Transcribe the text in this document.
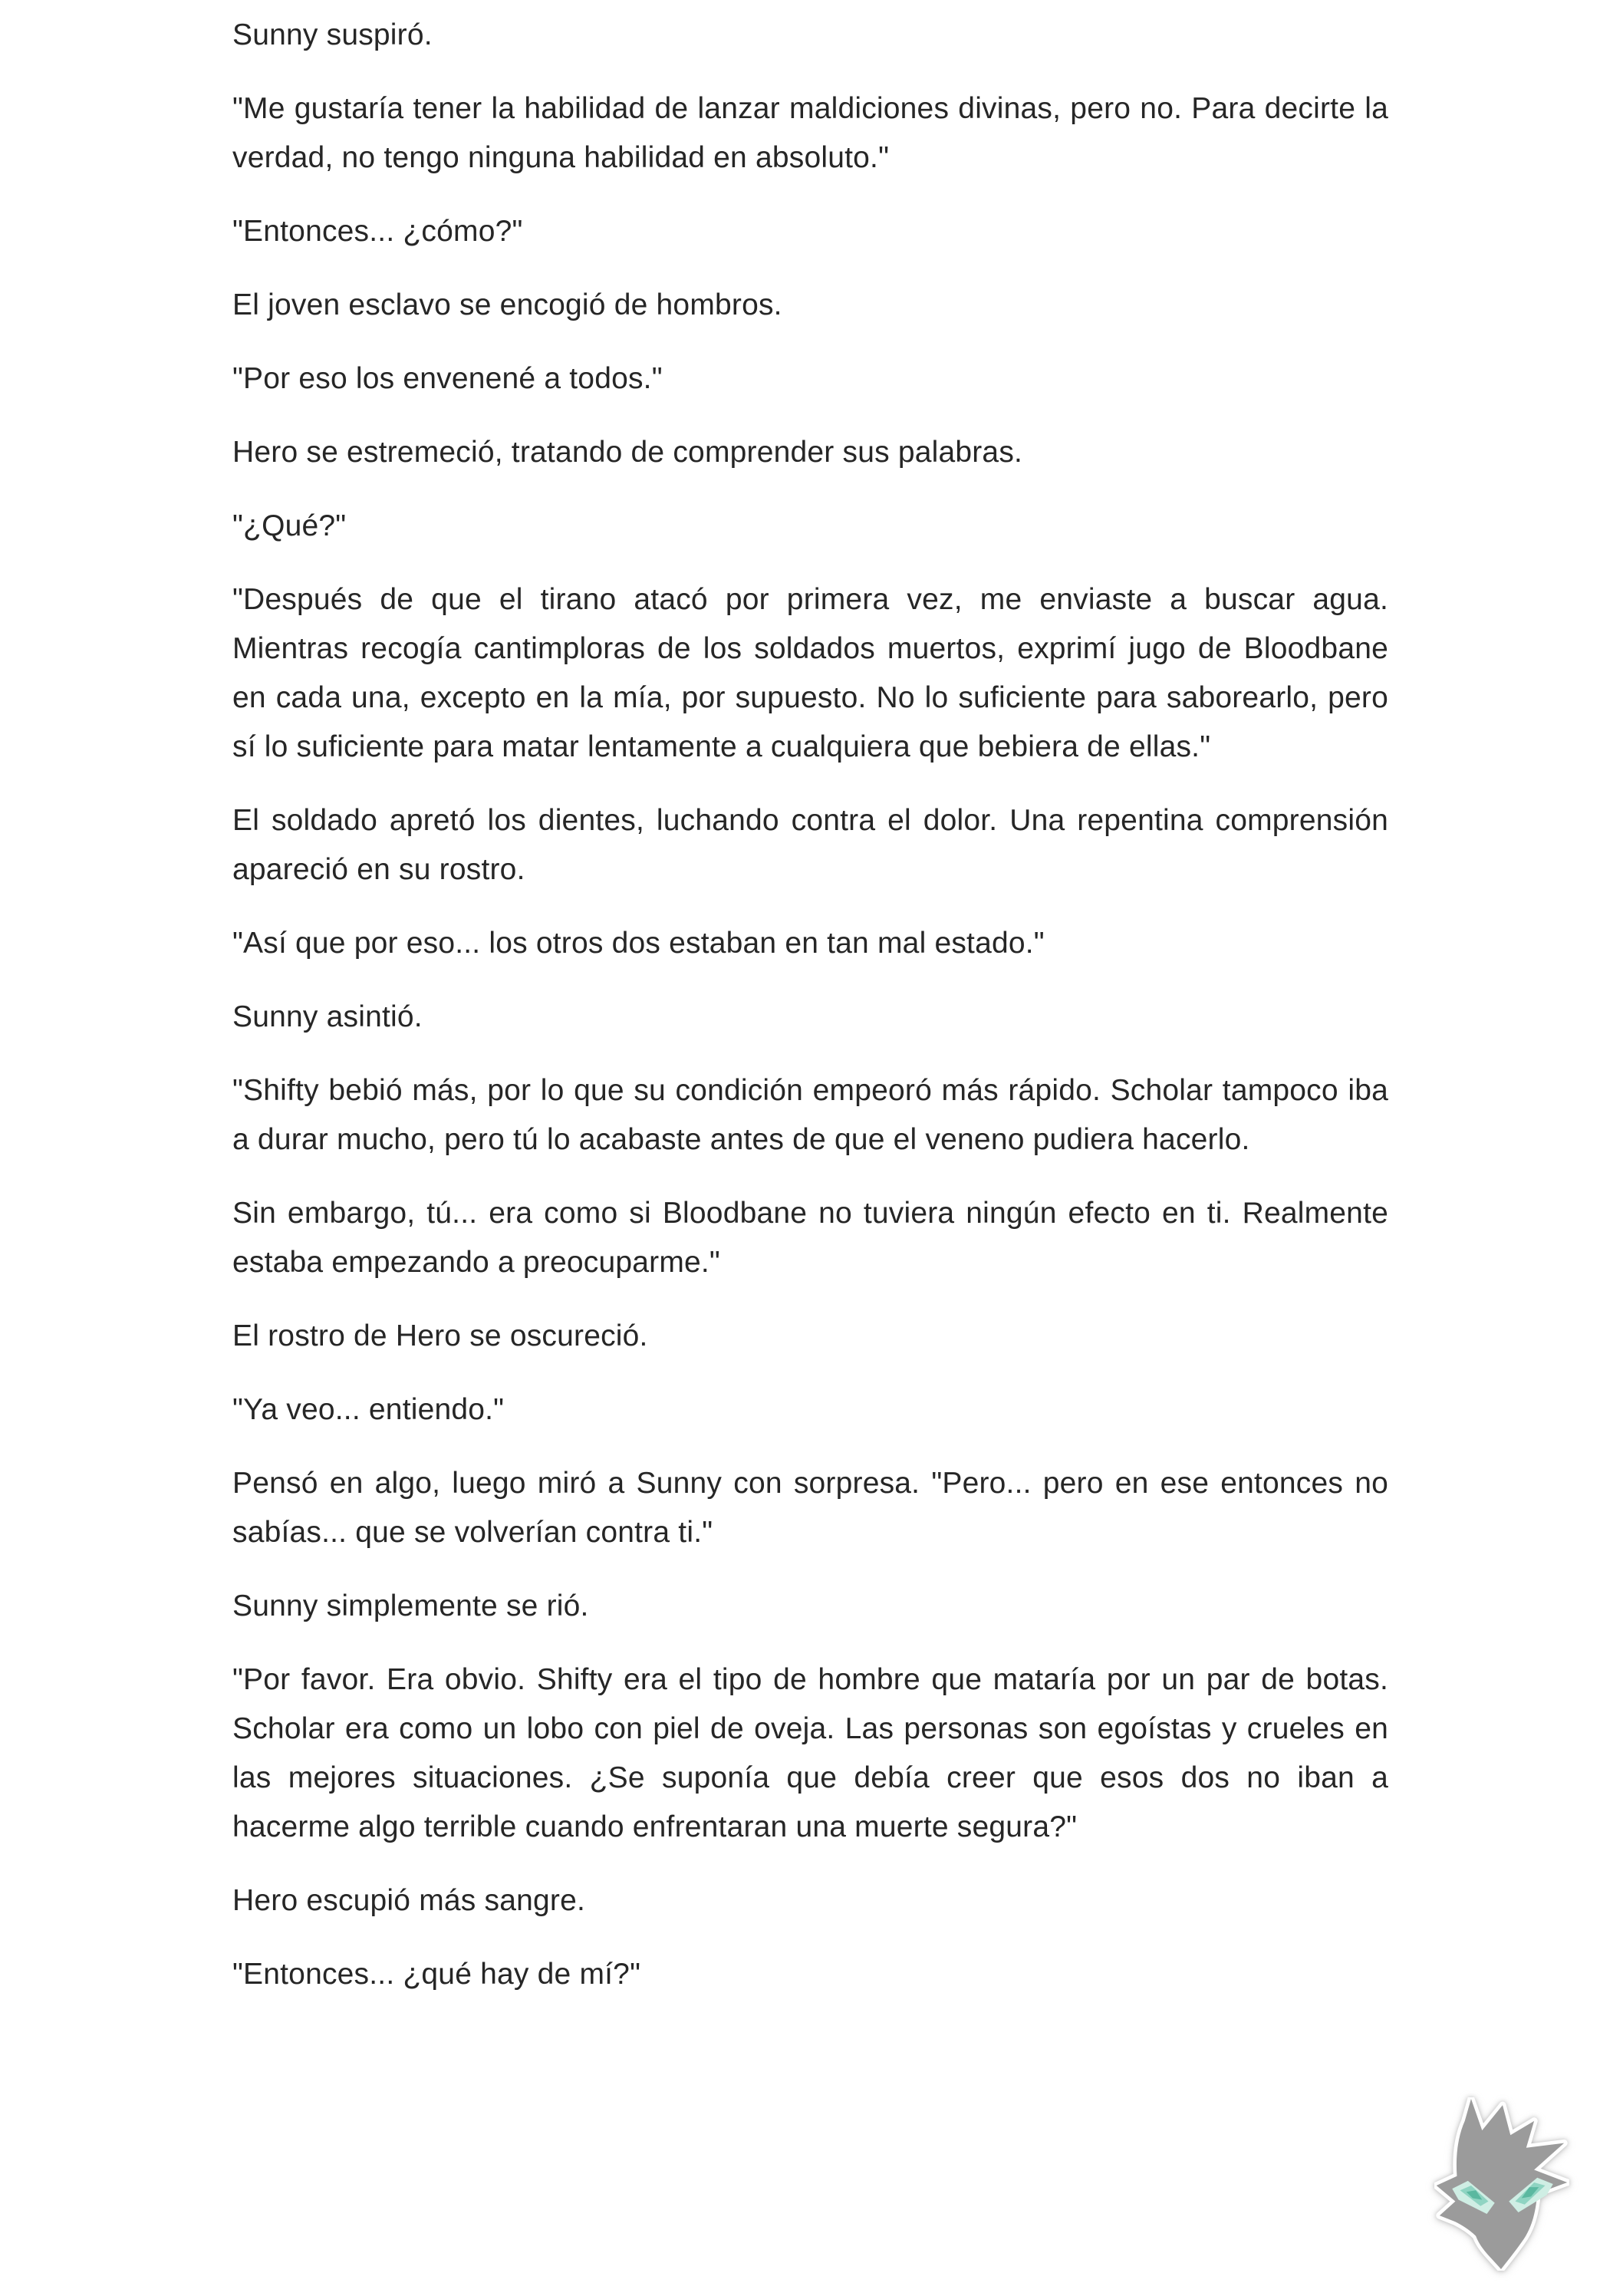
Sunny suspiró.

"Me gustaría tener la habilidad de lanzar maldiciones divinas, pero no. Para decirte la verdad, no tengo ninguna habilidad en absoluto."

"Entonces... ¿cómo?"

El joven esclavo se encogió de hombros.

"Por eso los envenené a todos."

Hero se estremeció, tratando de comprender sus palabras.

"¿Qué?"

"Después de que el tirano atacó por primera vez, me enviaste a buscar agua. Mientras recogía cantimploras de los soldados muertos, exprimí jugo de Bloodbane en cada una, excepto en la mía, por supuesto. No lo suficiente para saborearlo, pero sí lo suficiente para matar lentamente a cualquiera que bebiera de ellas."

El soldado apretó los dientes, luchando contra el dolor. Una repentina comprensión apareció en su rostro.

"Así que por eso... los otros dos estaban en tan mal estado."

Sunny asintió.

"Shifty bebió más, por lo que su condición empeoró más rápido. Scholar tampoco iba a durar mucho, pero tú lo acabaste antes de que el veneno pudiera hacerlo.

Sin embargo, tú... era como si Bloodbane no tuviera ningún efecto en ti. Realmente estaba empezando a preocuparme."

El rostro de Hero se oscureció.

"Ya veo... entiendo."

Pensó en algo, luego miró a Sunny con sorpresa. "Pero... pero en ese entonces no sabías... que se volverían contra ti."

Sunny simplemente se rió.

"Por favor. Era obvio. Shifty era el tipo de hombre que mataría por un par de botas. Scholar era como un lobo con piel de oveja. Las personas son egoístas y crueles en las mejores situaciones. ¿Se suponía que debía creer que esos dos no iban a hacerme algo terrible cuando enfrentaran una muerte segura?"

Hero escupió más sangre.

"Entonces... ¿qué hay de mí?"
